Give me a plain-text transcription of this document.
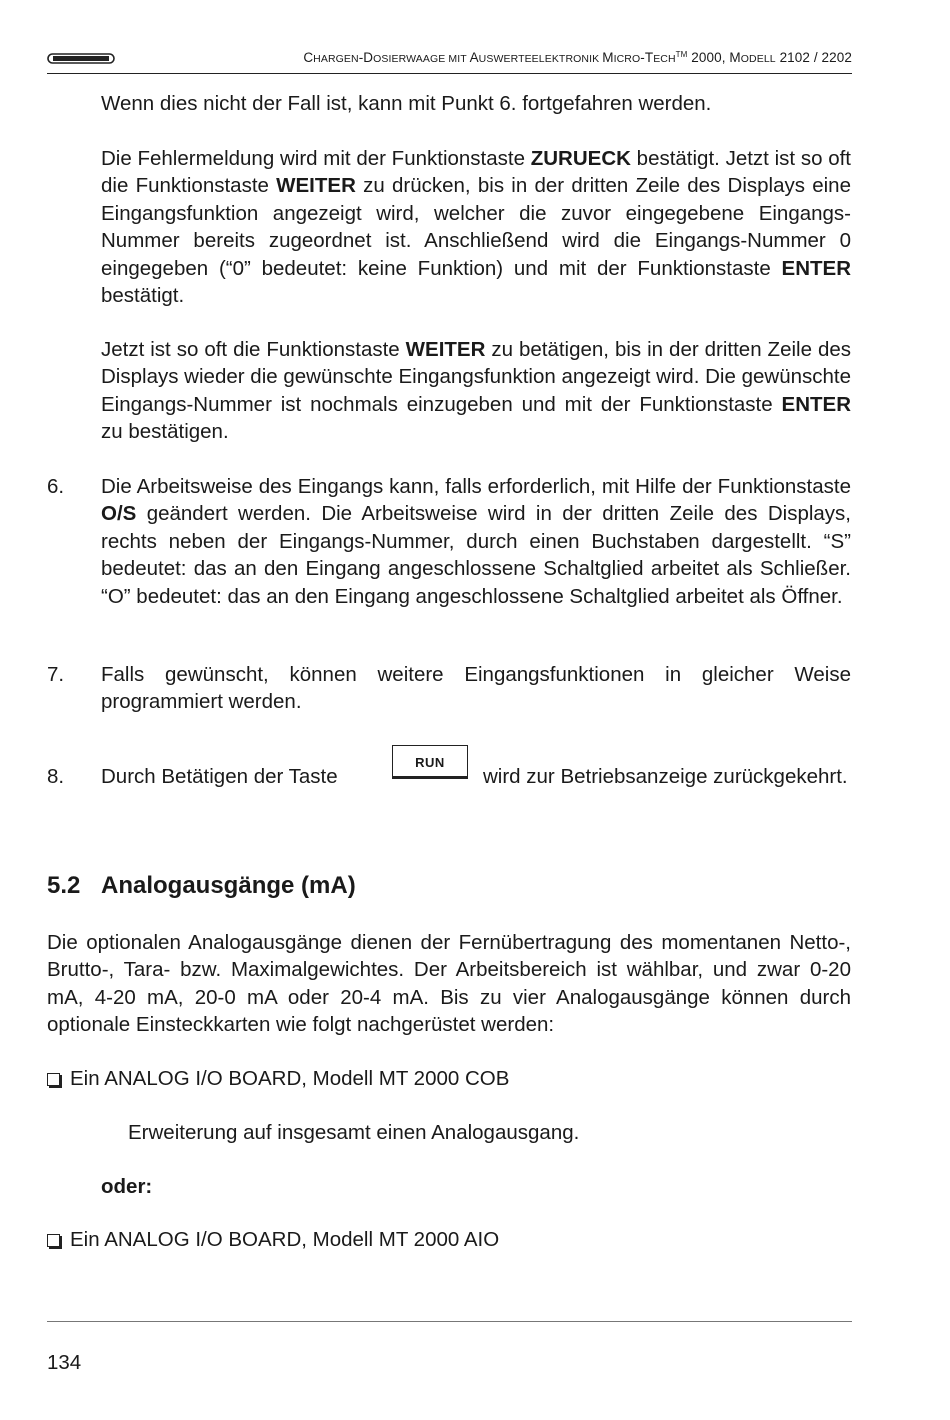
CHARGEN-DOSIERWAAGE MIT AUSWERTEELEKTRONIK MICRO-TECH™ 2000, MODELL 2102 / 2202
Wenn dies nicht der Fall ist, kann mit Punkt 6. fortgefahren werden.
Die Fehlermeldung wird mit der Funktionstaste ZURUECK bestätigt. Jetzt ist so oft die Funktionstaste WEITER zu drücken, bis in der dritten Zeile des Displays eine Eingangsfunktion angezeigt wird, welcher die zuvor eingegebene Eingangs-Nummer bereits zugeordnet ist. Anschließend wird die Eingangs-Nummer 0 eingegeben (“0” bedeutet: keine Funktion) und mit der Funktionstaste ENTER bestätigt.
Jetzt ist so oft die Funktionstaste WEITER zu betätigen, bis in der dritten Zeile des Displays wieder die gewünschte Eingangsfunktion angezeigt wird. Die gewünschte Eingangs-Nummer ist nochmals einzugeben und mit der Funktionstaste ENTER zu bestätigen.
6. Die Arbeitsweise des Eingangs kann, falls erforderlich, mit Hilfe der Funktionstaste O/S geändert werden. Die Arbeitsweise wird in der dritten Zeile des Displays, rechts neben der Eingangs-Nummer, durch einen Buchstaben dargestellt. “S” bedeutet: das an den Eingang angeschlossene Schaltglied arbeitet als Schließer. “O” bedeutet: das an den Eingang angeschlossene Schaltglied arbeitet als Öffner.
7. Falls gewünscht, können weitere Eingangsfunktionen in gleicher Weise programmiert werden.
8. Durch Betätigen der Taste
RUN
wird zur Betriebsanzeige zurückgekehrt.
5.2 Analogausgänge (mA)
Die optionalen Analogausgänge dienen der Fernübertragung des momentanen Netto-, Brutto-, Tara- bzw. Maximalgewichtes. Der Arbeitsbereich ist wählbar, und zwar 0-20 mA, 4-20 mA, 20-0 mA oder 20-4 mA. Bis zu vier Analogausgänge können durch optionale Einsteckkarten wie folgt nachgerüstet werden:
Ein ANALOG I/O BOARD, Modell MT 2000 COB
Erweiterung auf insgesamt einen Analogausgang.
oder:
Ein ANALOG I/O BOARD, Modell MT 2000 AIO
134
